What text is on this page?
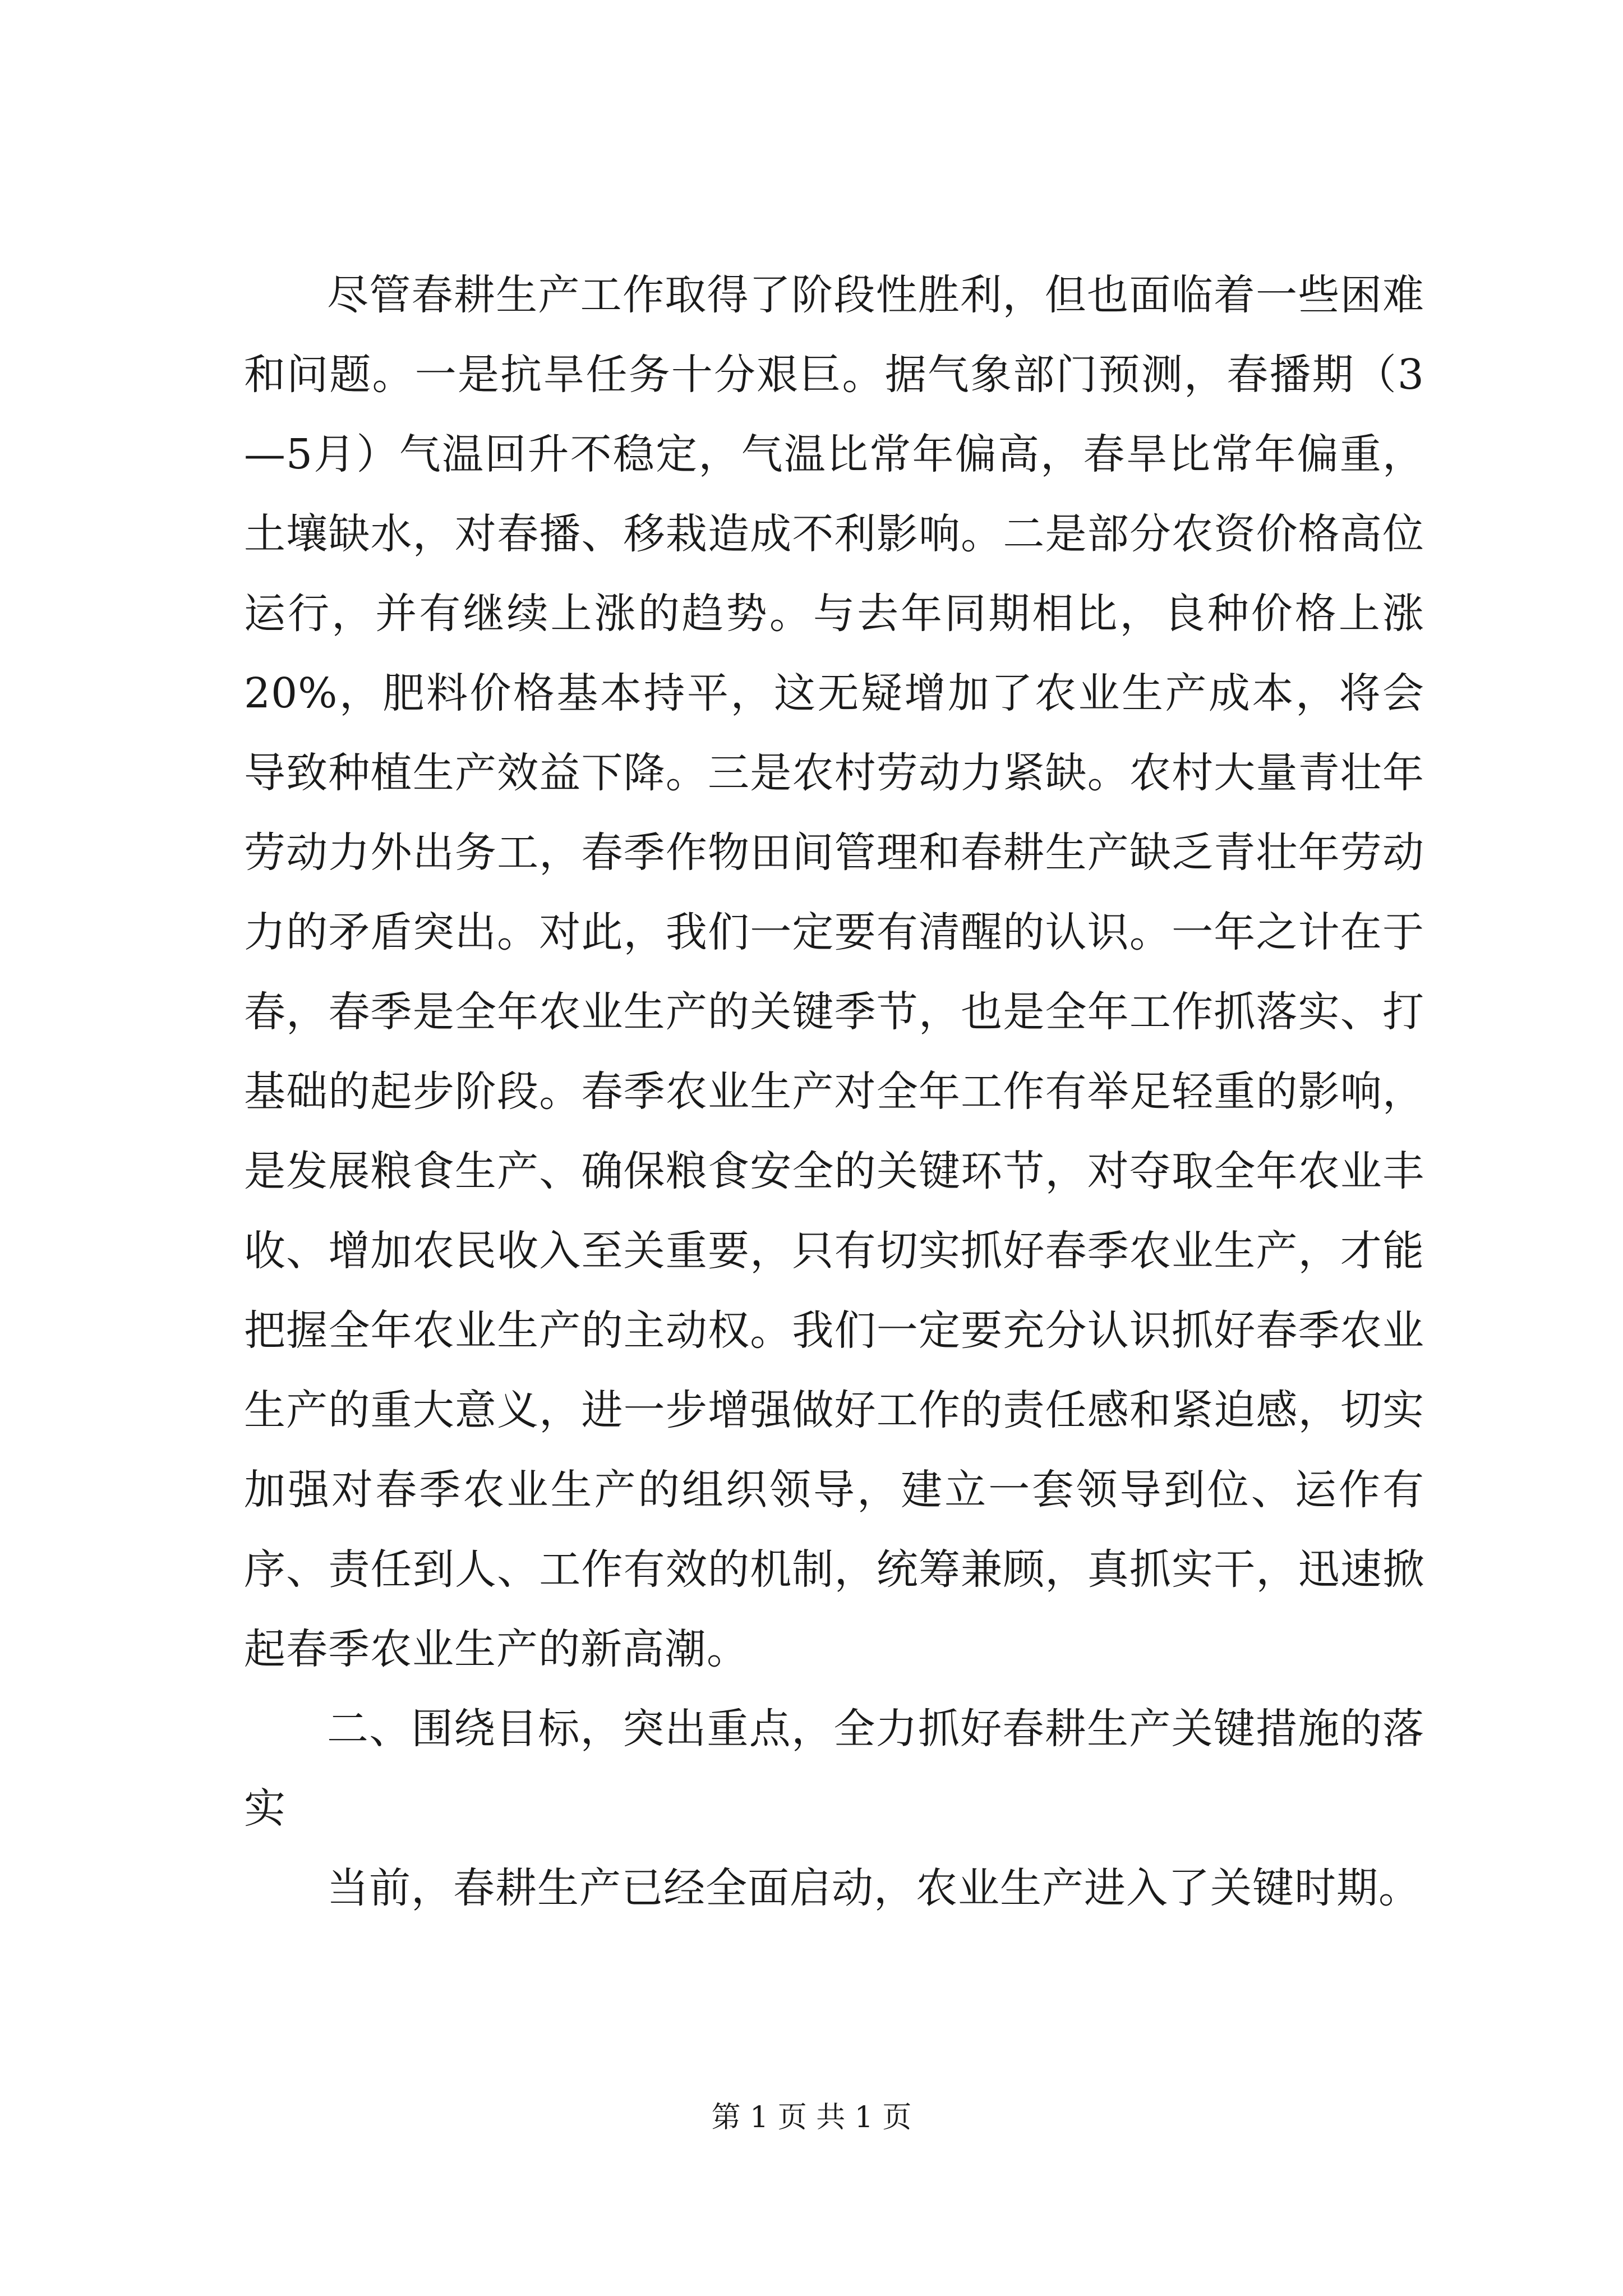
尽管春耕生产工作取得了阶段性胜利，但也面临着一些困难和问题。一是抗旱任务十分艰巨。据气象部门预测，春播期（3—5月）气温回升不稳定，气温比常年偏高，春旱比常年偏重，土壤缺水，对春播、移栽造成不利影响。二是部分农资价格高位运行，并有继续上涨的趋势。与去年同期相比，良种价格上涨20%，肥料价格基本持平，这无疑增加了农业生产成本，将会导致种植生产效益下降。三是农村劳动力紧缺。农村大量青壮年劳动力外出务工，春季作物田间管理和春耕生产缺乏青壮年劳动力的矛盾突出。对此，我们一定要有清醒的认识。一年之计在于春，春季是全年农业生产的关键季节，也是全年工作抓落实、打基础的起步阶段。春季农业生产对全年工作有举足轻重的影响，是发展粮食生产、确保粮食安全的关键环节，对夺取全年农业丰收、增加农民收入至关重要，只有切实抓好春季农业生产，才能把握全年农业生产的主动权。我们一定要充分认识抓好春季农业生产的重大意义，进一步增强做好工作的责任感和紧迫感，切实加强对春季农业生产的组织领导，建立一套领导到位、运作有序、责任到人、工作有效的机制，统筹兼顾，真抓实干，迅速掀起春季农业生产的新高潮。

二、围绕目标，突出重点，全力抓好春耕生产关键措施的落实

当前，春耕生产已经全面启动，农业生产进入了关键时期。

第 1 页 共 1 页
